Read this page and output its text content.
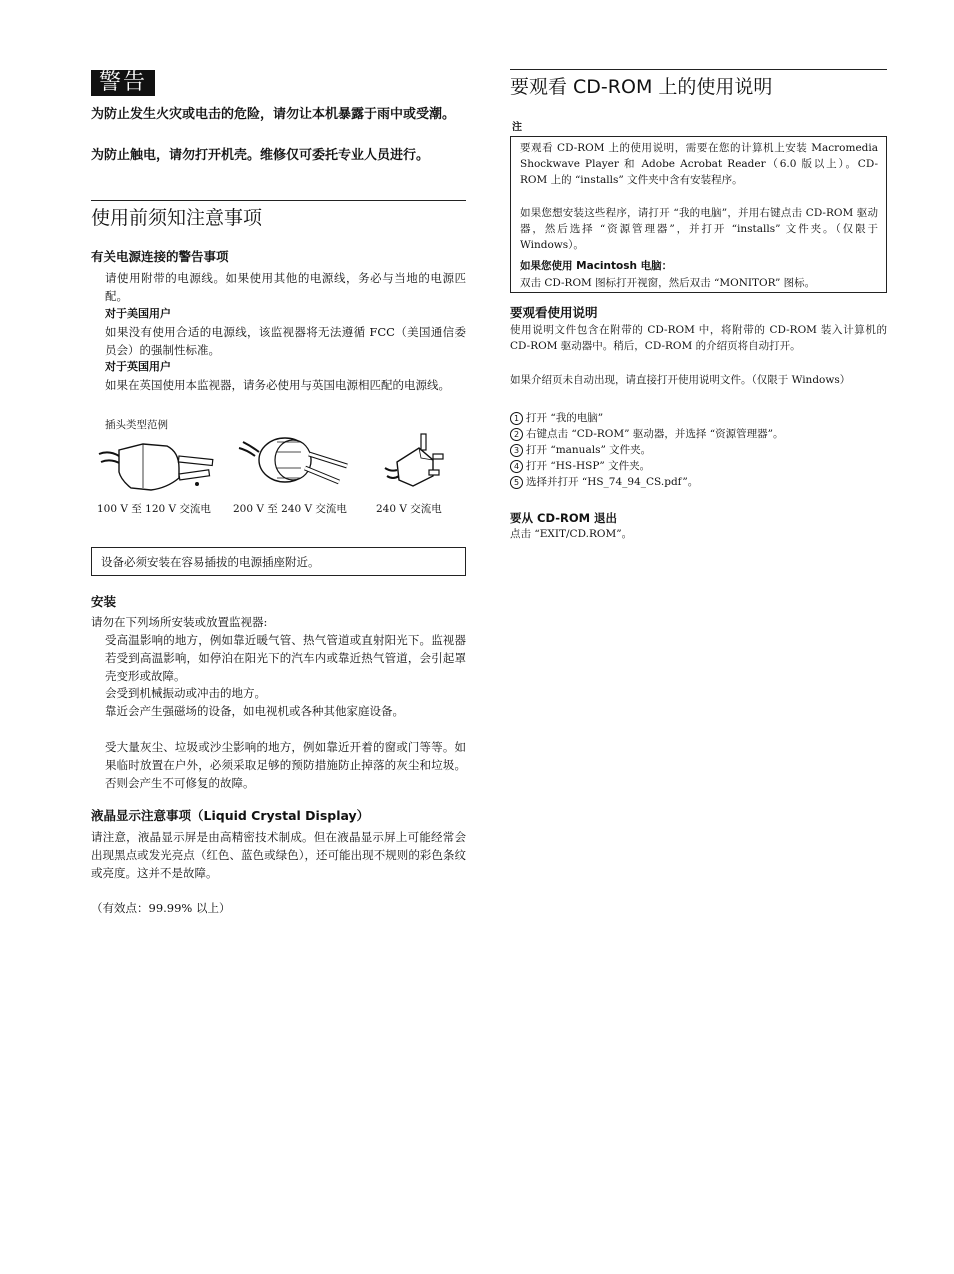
警告
为防止发生火灾或电击的危险，请勿让本机暴露于雨中或受潮。
为防止触电，请勿打开机壳。维修仅可委托专业人员进行。
使用前须知注意事项
有关电源连接的警告事项
请使用附带的电源线。如果使用其他的电源线，务必与当地的电源匹配。
对于美国用户
如果没有使用合适的电源线，该监视器将无法遵循 FCC（美国通信委员会）的强制性标准。
对于英国用户
如果在英国使用本监视器，请务必使用与英国电源相匹配的电源线。
插头类型范例
100 V 至 120 V 交流电 200 V 至 240 V 交流电	240 V 交流电
设备必须安装在容易插拔的电源插座附近。
安装
请勿在下列场所安装或放置监视器:
受高温影响的地方，例如靠近暖气管、热气管道或直射阳光下。监视器若受到高温影响，如停泊在阳光下的汽车内或靠近热气管道，会引起罩壳变形或故障。
会受到机械振动或冲击的地方。
靠近会产生强磁场的设备，如电视机或各种其他家庭设备。
受大量灰尘、垃圾或沙尘影响的地方，例如靠近开着的窗或门等等。如果临时放置在户外，必须采取足够的预防措施防止掉落的灰尘和垃圾。否则会产生不可修复的故障。
液晶显示注意事项（Liquid Crystal Display）
请注意，液晶显示屏是由高精密技术制成。但在液晶显示屏上可能经常会出现黑点或发光亮点（红色、蓝色或绿色），还可能出现不规则的彩色条纹或亮度。这并不是故障。
（有效点：99.99% 以上）
要观看 CD-ROM 上的使用说明
注
要观看 CD-ROM 上的使用说明，需要在您的计算机上安装 Macromedia Shockwave Player 和 Adobe Acrobat Reader（6.0 版以上）。CD-ROM 上的 “installs” 文件夹中含有安装程序。
如果您想安装这些程序，请打开 “我的电脑”，并用右键点击 CD-ROM 驱动器，然后选择 “资源管理器”，并打开 “installs” 文件夹。（仅限于 Windows）。
如果您使用 Macintosh 电脑：
双击 CD-ROM 图标打开视窗，然后双击 “MONITOR” 图标。
要观看使用说明
使用说明文件包含在附带的 CD-ROM 中，将附带的 CD-ROM 装入计算机的 CD-ROM 驱动器中。稍后，CD-ROM 的介绍页将自动打开。
如果介绍页未自动出现，请直接打开使用说明文件。（仅限于 Windows）
1 打开 “我的电脑”
2 右键点击 “CD-ROM” 驱动器，并选择 “资源管理器”。
3 打开 “manuals” 文件夹。
4 打开 “HS-HSP” 文件夹。
5 选择并打开 “HS_74_94_CS.pdf”。
要从 CD-ROM 退出
点击 “EXIT/CD.ROM”。
